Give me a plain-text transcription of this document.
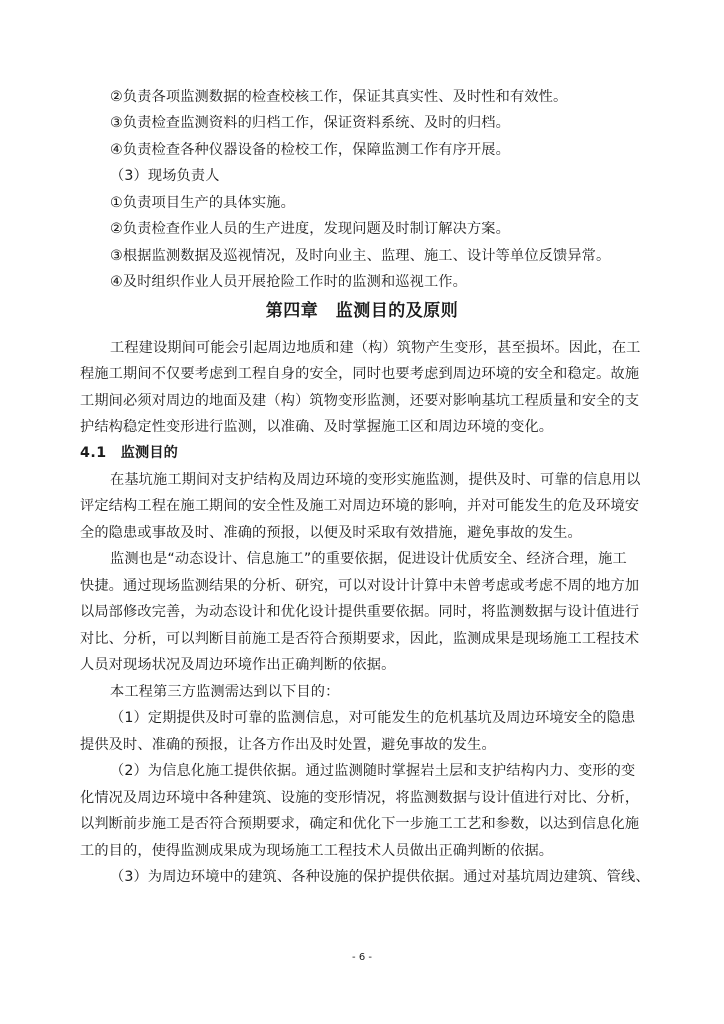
②负责各项监测数据的检查校核工作，保证其真实性、及时性和有效性。
③负责检查监测资料的归档工作，保证资料系统、及时的归档。
④负责检查各种仪器设备的检校工作，保障监测工作有序开展。
（3）现场负责人
①负责项目生产的具体实施。
②负责检查作业人员的生产进度，发现问题及时制订解决方案。
③根据监测数据及巡视情况，及时向业主、监理、施工、设计等单位反馈异常。
④及时组织作业人员开展抢险工作时的监测和巡视工作。
第四章　监测目的及原则
工程建设期间可能会引起周边地质和建（构）筑物产生变形，甚至损坏。因此，在工
程施工期间不仅要考虑到工程自身的安全，同时也要考虑到周边环境的安全和稳定。故施
工期间必须对周边的地面及建（构）筑物变形监测，还要对影响基坑工程质量和安全的支
护结构稳定性变形进行监测，以准确、及时掌握施工区和周边环境的变化。
4.1 监测目的
在基坑施工期间对支护结构及周边环境的变形实施监测，提供及时、可靠的信息用以
评定结构工程在施工期间的安全性及施工对周边环境的影响，并对可能发生的危及环境安
全的隐患或事故及时、准确的预报，以便及时采取有效措施，避免事故的发生。
监测也是“动态设计、信息施工”的重要依据，促进设计优质安全、经济合理，施工
快捷。通过现场监测结果的分析、研究，可以对设计计算中未曾考虑或考虑不周的地方加
以局部修改完善，为动态设计和优化设计提供重要依据。同时，将监测数据与设计值进行
对比、分析，可以判断目前施工是否符合预期要求，因此，监测成果是现场施工工程技术
人员对现场状况及周边环境作出正确判断的依据。
本工程第三方监测需达到以下目的：
（1）定期提供及时可靠的监测信息，对可能发生的危机基坑及周边环境安全的隐患
提供及时、准确的预报，让各方作出及时处置，避免事故的发生。
（2）为信息化施工提供依据。通过监测随时掌握岩土层和支护结构内力、变形的变
化情况及周边环境中各种建筑、设施的变形情况，将监测数据与设计值进行对比、分析，
以判断前步施工是否符合预期要求，确定和优化下一步施工工艺和参数，以达到信息化施
工的目的，使得监测成果成为现场施工工程技术人员做出正确判断的依据。
（3）为周边环境中的建筑、各种设施的保护提供依据。通过对基坑周边建筑、管线、
- 6 -
